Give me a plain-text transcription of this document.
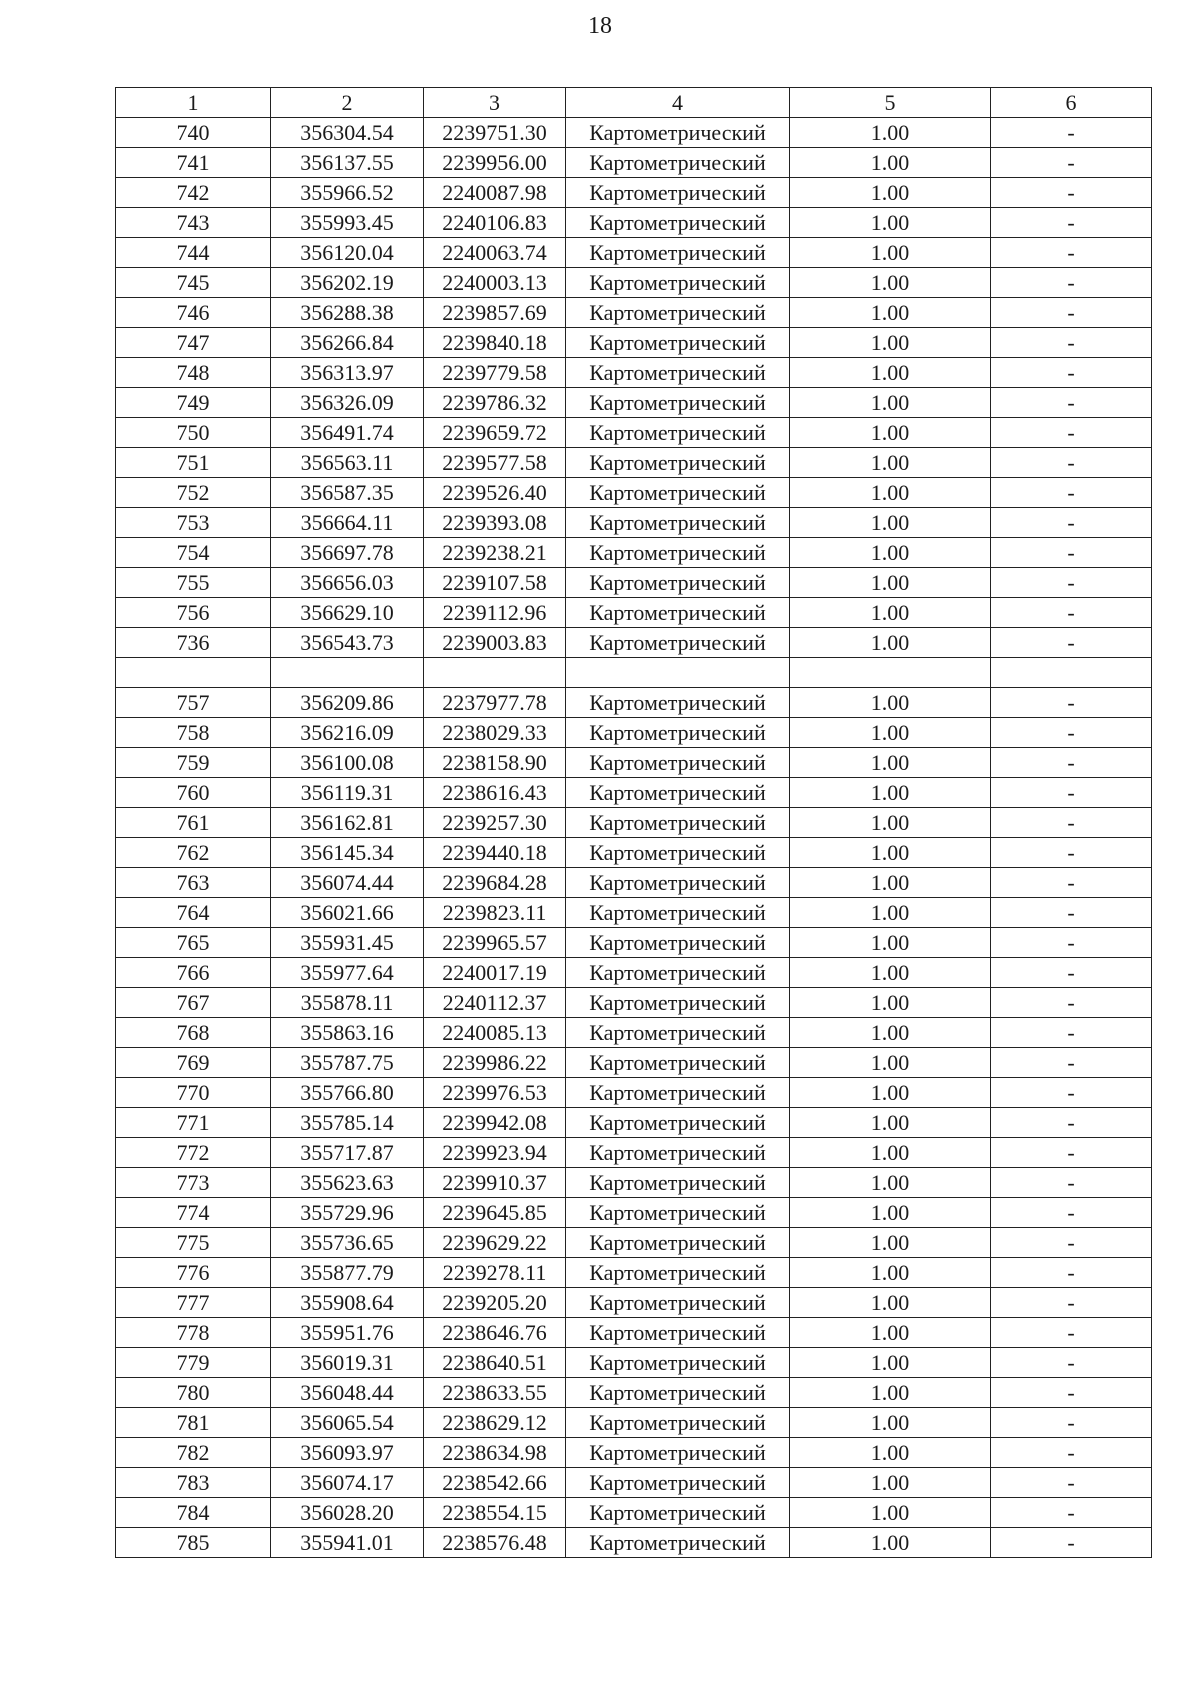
18
1	2	3	4	5	6
740	356304.54	2239751.30	Картометрический	1.00	-
741	356137.55	2239956.00	Картометрический	1.00	-
742	355966.52	2240087.98	Картометрический	1.00	-
743	355993.45	2240106.83	Картометрический	1.00	-
744	356120.04	2240063.74	Картометрический	1.00	-
745	356202.19	2240003.13	Картометрический	1.00	-
746	356288.38	2239857.69	Картометрический	1.00	-
747	356266.84	2239840.18	Картометрический	1.00	-
748	356313.97	2239779.58	Картометрический	1.00	-
749	356326.09	2239786.32	Картометрический	1.00	-
750	356491.74	2239659.72	Картометрический	1.00	-
751	356563.11	2239577.58	Картометрический	1.00	-
752	356587.35	2239526.40	Картометрический	1.00	-
753	356664.11	2239393.08	Картометрический	1.00	-
754	356697.78	2239238.21	Картометрический	1.00	-
755	356656.03	2239107.58	Картометрический	1.00	-
756	356629.10	2239112.96	Картометрический	1.00	-
736	356543.73	2239003.83	Картометрический	1.00	-

757	356209.86	2237977.78	Картометрический	1.00	-
758	356216.09	2238029.33	Картометрический	1.00	-
759	356100.08	2238158.90	Картометрический	1.00	-
760	356119.31	2238616.43	Картометрический	1.00	-
761	356162.81	2239257.30	Картометрический	1.00	-
762	356145.34	2239440.18	Картометрический	1.00	-
763	356074.44	2239684.28	Картометрический	1.00	-
764	356021.66	2239823.11	Картометрический	1.00	-
765	355931.45	2239965.57	Картометрический	1.00	-
766	355977.64	2240017.19	Картометрический	1.00	-
767	355878.11	2240112.37	Картометрический	1.00	-
768	355863.16	2240085.13	Картометрический	1.00	-
769	355787.75	2239986.22	Картометрический	1.00	-
770	355766.80	2239976.53	Картометрический	1.00	-
771	355785.14	2239942.08	Картометрический	1.00	-
772	355717.87	2239923.94	Картометрический	1.00	-
773	355623.63	2239910.37	Картометрический	1.00	-
774	355729.96	2239645.85	Картометрический	1.00	-
775	355736.65	2239629.22	Картометрический	1.00	-
776	355877.79	2239278.11	Картометрический	1.00	-
777	355908.64	2239205.20	Картометрический	1.00	-
778	355951.76	2238646.76	Картометрический	1.00	-
779	356019.31	2238640.51	Картометрический	1.00	-
780	356048.44	2238633.55	Картометрический	1.00	-
781	356065.54	2238629.12	Картометрический	1.00	-
782	356093.97	2238634.98	Картометрический	1.00	-
783	356074.17	2238542.66	Картометрический	1.00	-
784	356028.20	2238554.15	Картометрический	1.00	-
785	355941.01	2238576.48	Картометрический	1.00	-
